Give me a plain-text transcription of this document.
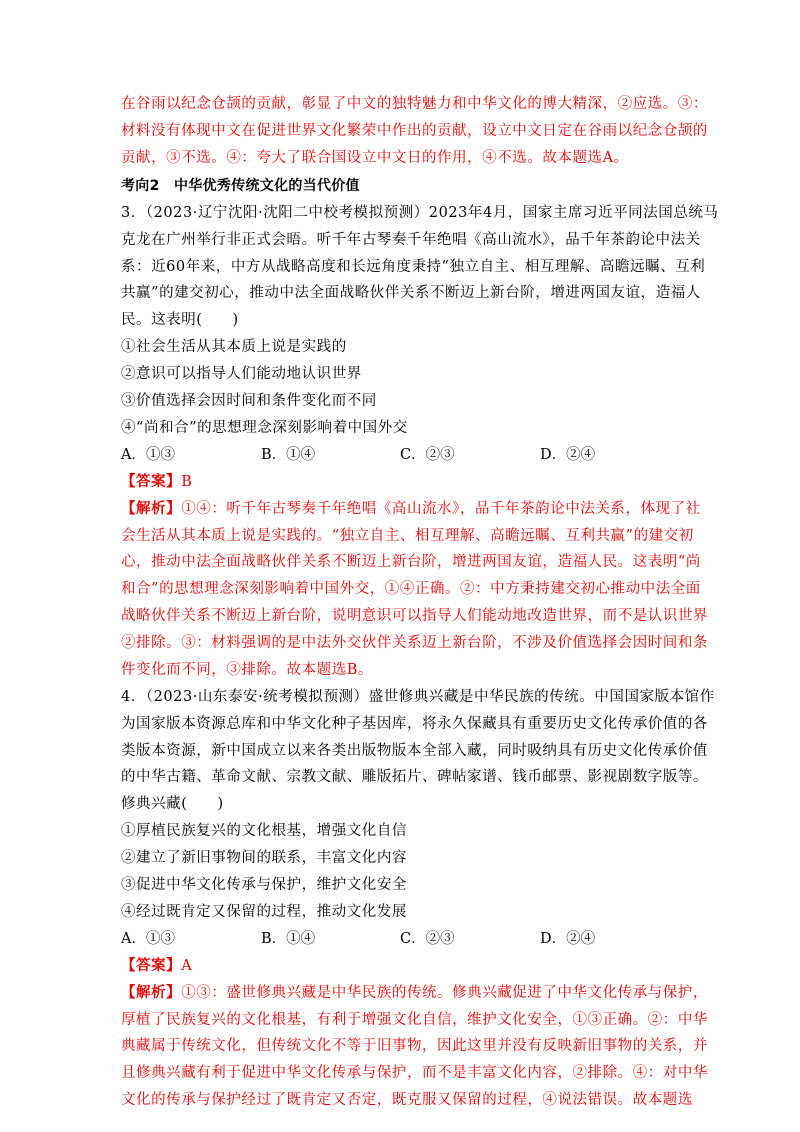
在谷雨以纪念仓颉的贡献，彰显了中文的独特魅力和中华文化的博大精深，②应选。③：
材料没有体现中文在促进世界文化繁荣中作出的贡献，设立中文日定在谷雨以纪念仓颉的
贡献，③不选。④：夸大了联合国设立中文日的作用，④不选。故本题选A。
考向2　中华优秀传统文化的当代价值
3．（2023·辽宁沈阳·沈阳二中校考模拟预测）2023年4月，国家主席习近平同法国总统马
克龙在广州举行非正式会晤。听千年古琴奏千年绝唱《高山流水》，品千年茶韵论中法关
系：近60年来，中方从战略高度和长远角度秉持“独立自主、相互理解、高瞻远瞩、互利
共赢”的建交初心，推动中法全面战略伙伴关系不断迈上新台阶，增进两国友谊，造福人
民。这表明(　　)
①社会生活从其本质上说是实践的
②意识可以指导人们能动地认识世界
③价值选择会因时间和条件变化而不同
④“尚和合”的思想理念深刻影响着中国外交
A．①③	B．①④	C．②③	D．②④
【答案】B
【解析】①④：听千年古琴奏千年绝唱《高山流水》，品千年茶韵论中法关系，体现了社
会生活从其本质上说是实践的。“独立自主、相互理解、高瞻远瞩、互利共赢”的建交初
心，推动中法全面战略伙伴关系不断迈上新台阶，增进两国友谊，造福人民。这表明“尚
和合”的思想理念深刻影响着中国外交，①④正确。②：中方秉持建交初心推动中法全面
战略伙伴关系不断迈上新台阶，说明意识可以指导人们能动地改造世界，而不是认识世界
②排除。③：材料强调的是中法外交伙伴关系迈上新台阶，不涉及价值选择会因时间和条
件变化而不同，③排除。故本题选B。
4．（2023·山东泰安·统考模拟预测）盛世修典兴藏是中华民族的传统。中国国家版本馆作
为国家版本资源总库和中华文化种子基因库，将永久保藏具有重要历史文化传承价值的各
类版本资源，新中国成立以来各类出版物版本全部入藏，同时吸纳具有历史文化传承价值
的中华古籍、革命文献、宗教文献、雕版拓片、碑帖家谱、钱币邮票、影视剧数字版等。
修典兴藏(　　)
①厚植民族复兴的文化根基，增强文化自信
②建立了新旧事物间的联系，丰富文化内容
③促进中华文化传承与保护，维护文化安全
④经过既肯定又保留的过程，推动文化发展
A．①③	B．①④	C．②③	D．②④
【答案】A
【解析】①③：盛世修典兴藏是中华民族的传统。修典兴藏促进了中华文化传承与保护，
厚植了民族复兴的文化根基，有利于增强文化自信，维护文化安全，①③正确。②：中华
典藏属于传统文化，但传统文化不等于旧事物，因此这里并没有反映新旧事物的关系，并
且修典兴藏有利于促进中华文化传承与保护，而不是丰富文化内容，②排除。④：对中华
文化的传承与保护经过了既肯定又否定，既克服又保留的过程，④说法错误。故本题选
